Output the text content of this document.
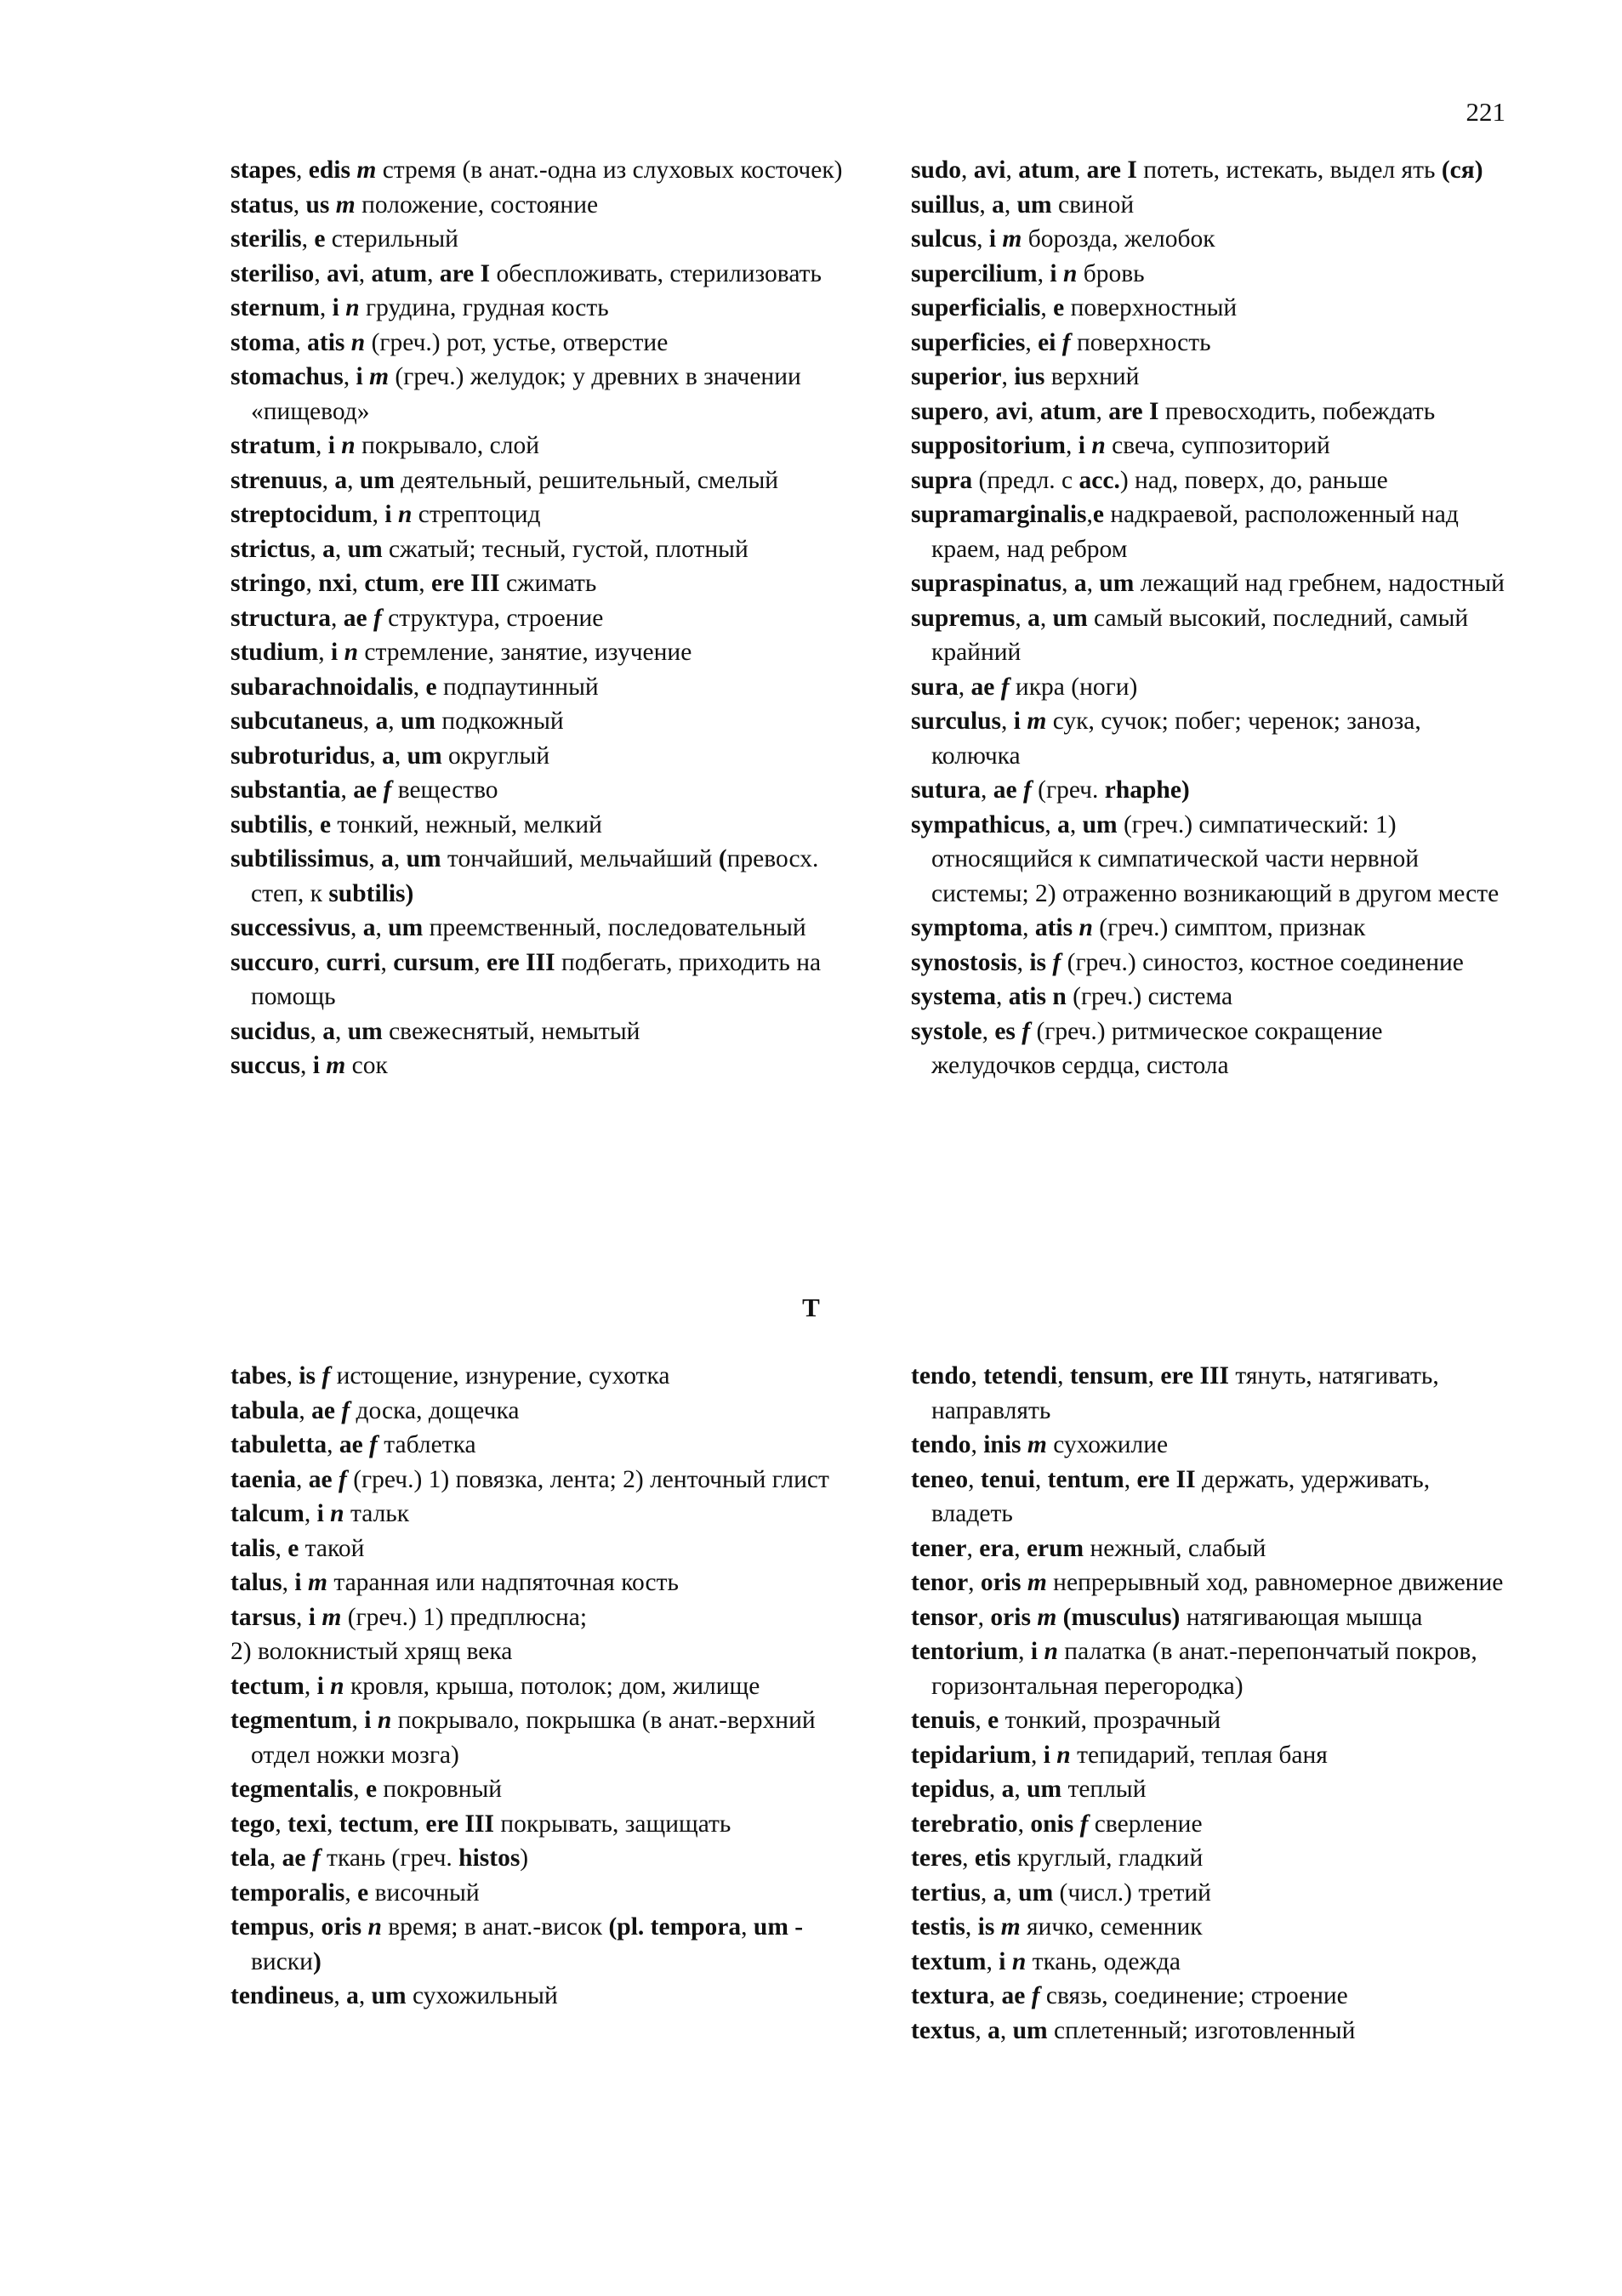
221

stapes, edis m стремя (в анат.-одна из слуховых косточек)

status, us m положение, состояние

sterilis, e стерильный

steriliso, avi, atum, are I обеспложивать, стерилизовать

sternum, i n грудина, грудная кость

stoma, atis n (греч.) рот, устье, отверстие

stomachus, i m (греч.) желудок; у древних в значении «пищевод»

stratum, i n покрывало, слой

strenuus, a, um деятельный, решительный, смелый

streptocidum, i n стрептоцид

strictus, a, um сжатый; тесный, густой, плотный

stringo, nxi, ctum, ere III сжимать

structura, ae f структура, строение

studium, i n стремление, занятие, изучение

subarachnoidalis, e подпаутинный

subcutaneus, a, um подкожный

subroturidus, a, um округлый

substantia, ae f вещество

subtilis, e тонкий, нежный, мелкий

subtilissimus, a, um тончайший, мельчайший (превосх. степ, к subtilis)

successivus, a, um преемственный, последовательный

succuro, curri, cursum, ere III подбегать, приходить на помощь

sucidus, a, um свежеснятый, немытый

succus, i m сок

sudo, avi, atum, are I потеть, истекать, выдел ять (ся)

suillus, a, um свиной

sulcus, i m борозда, желобок

supercilium, i n бровь

superficialis, e поверхностный

superficies, ei f поверхность

superior, ius верхний

supero, avi, atum, are I превосходить, побеждать

suppositorium, i n свеча, суппозиторий

supra (предл. с acc.) над, поверх, до, раньше

supramarginalis,e надкраевой, расположенный над краем, над ребром

supraspinatus, a, um лежащий над гребнем, надостный

supremus, a, um самый высокий, последний, самый крайний

sura, ae f икра (ноги)

surculus, i m сук, сучок; побег; черенок; заноза, колючка

sutura, ae f (греч. rhaphe)

sympathicus, a, um (греч.) симпатический: 1) относящийся к симпатической части нервной системы; 2) отраженно возникающий в другом месте

symptoma, atis n (греч.) симптом, признак

synostosis, is f (греч.) синостоз, костное соединение

systema, atis n (греч.) система

systole, es f (греч.) ритмическое сокращение желудочков сердца, систола

T

tabes, is f истощение, изнурение, сухотка

tabula, ae f доска, дощечка

tabuletta, ae f таблетка

taenia, ae f (греч.) 1) повязка, лента; 2) ленточный глист

talcum, i n тальк

talis, e такой

talus, i m таранная или надпяточная кость

tarsus, i m (греч.) 1) предплюсна;

2) волокнистый хрящ века

tectum, i n кровля, крыша, потолок; дом, жилище

tegmentum, i n покрывало, покрышка (в анат.-верхний отдел ножки мозга)

tegmentalis, e покровный

tego, texi, tectum, ere III покрывать, защищать

tela, ae f ткань (греч. histos)

temporalis, e височный

tempus, oris n время; в анат.-висок (pl. tempora, um - виски)

tendineus, a, um сухожильный

tendo, tetendi, tensum, ere III тянуть, натягивать, направлять

tendo, inis m сухожилие

teneo, tenui, tentum, ere II держать, удерживать, владеть

tener, era, erum нежный, слабый

tenor, oris m непрерывный ход, равномерное движение

tensor, oris m (musculus) натягивающая мышца

tentorium, i n палатка (в анат.-перепончатый покров, горизонтальная перегородка)

tenuis, e тонкий, прозрачный

tepidarium, i n тепидарий, теплая баня

tepidus, a, um теплый

terebratio, onis f сверление

teres, etis круглый, гладкий

tertius, a, um (числ.) третий

testis, is m яичко, семенник

textum, i n ткань, одежда

textura, ae f связь, соединение; строение

textus, a, um сплетенный; изготовленный
